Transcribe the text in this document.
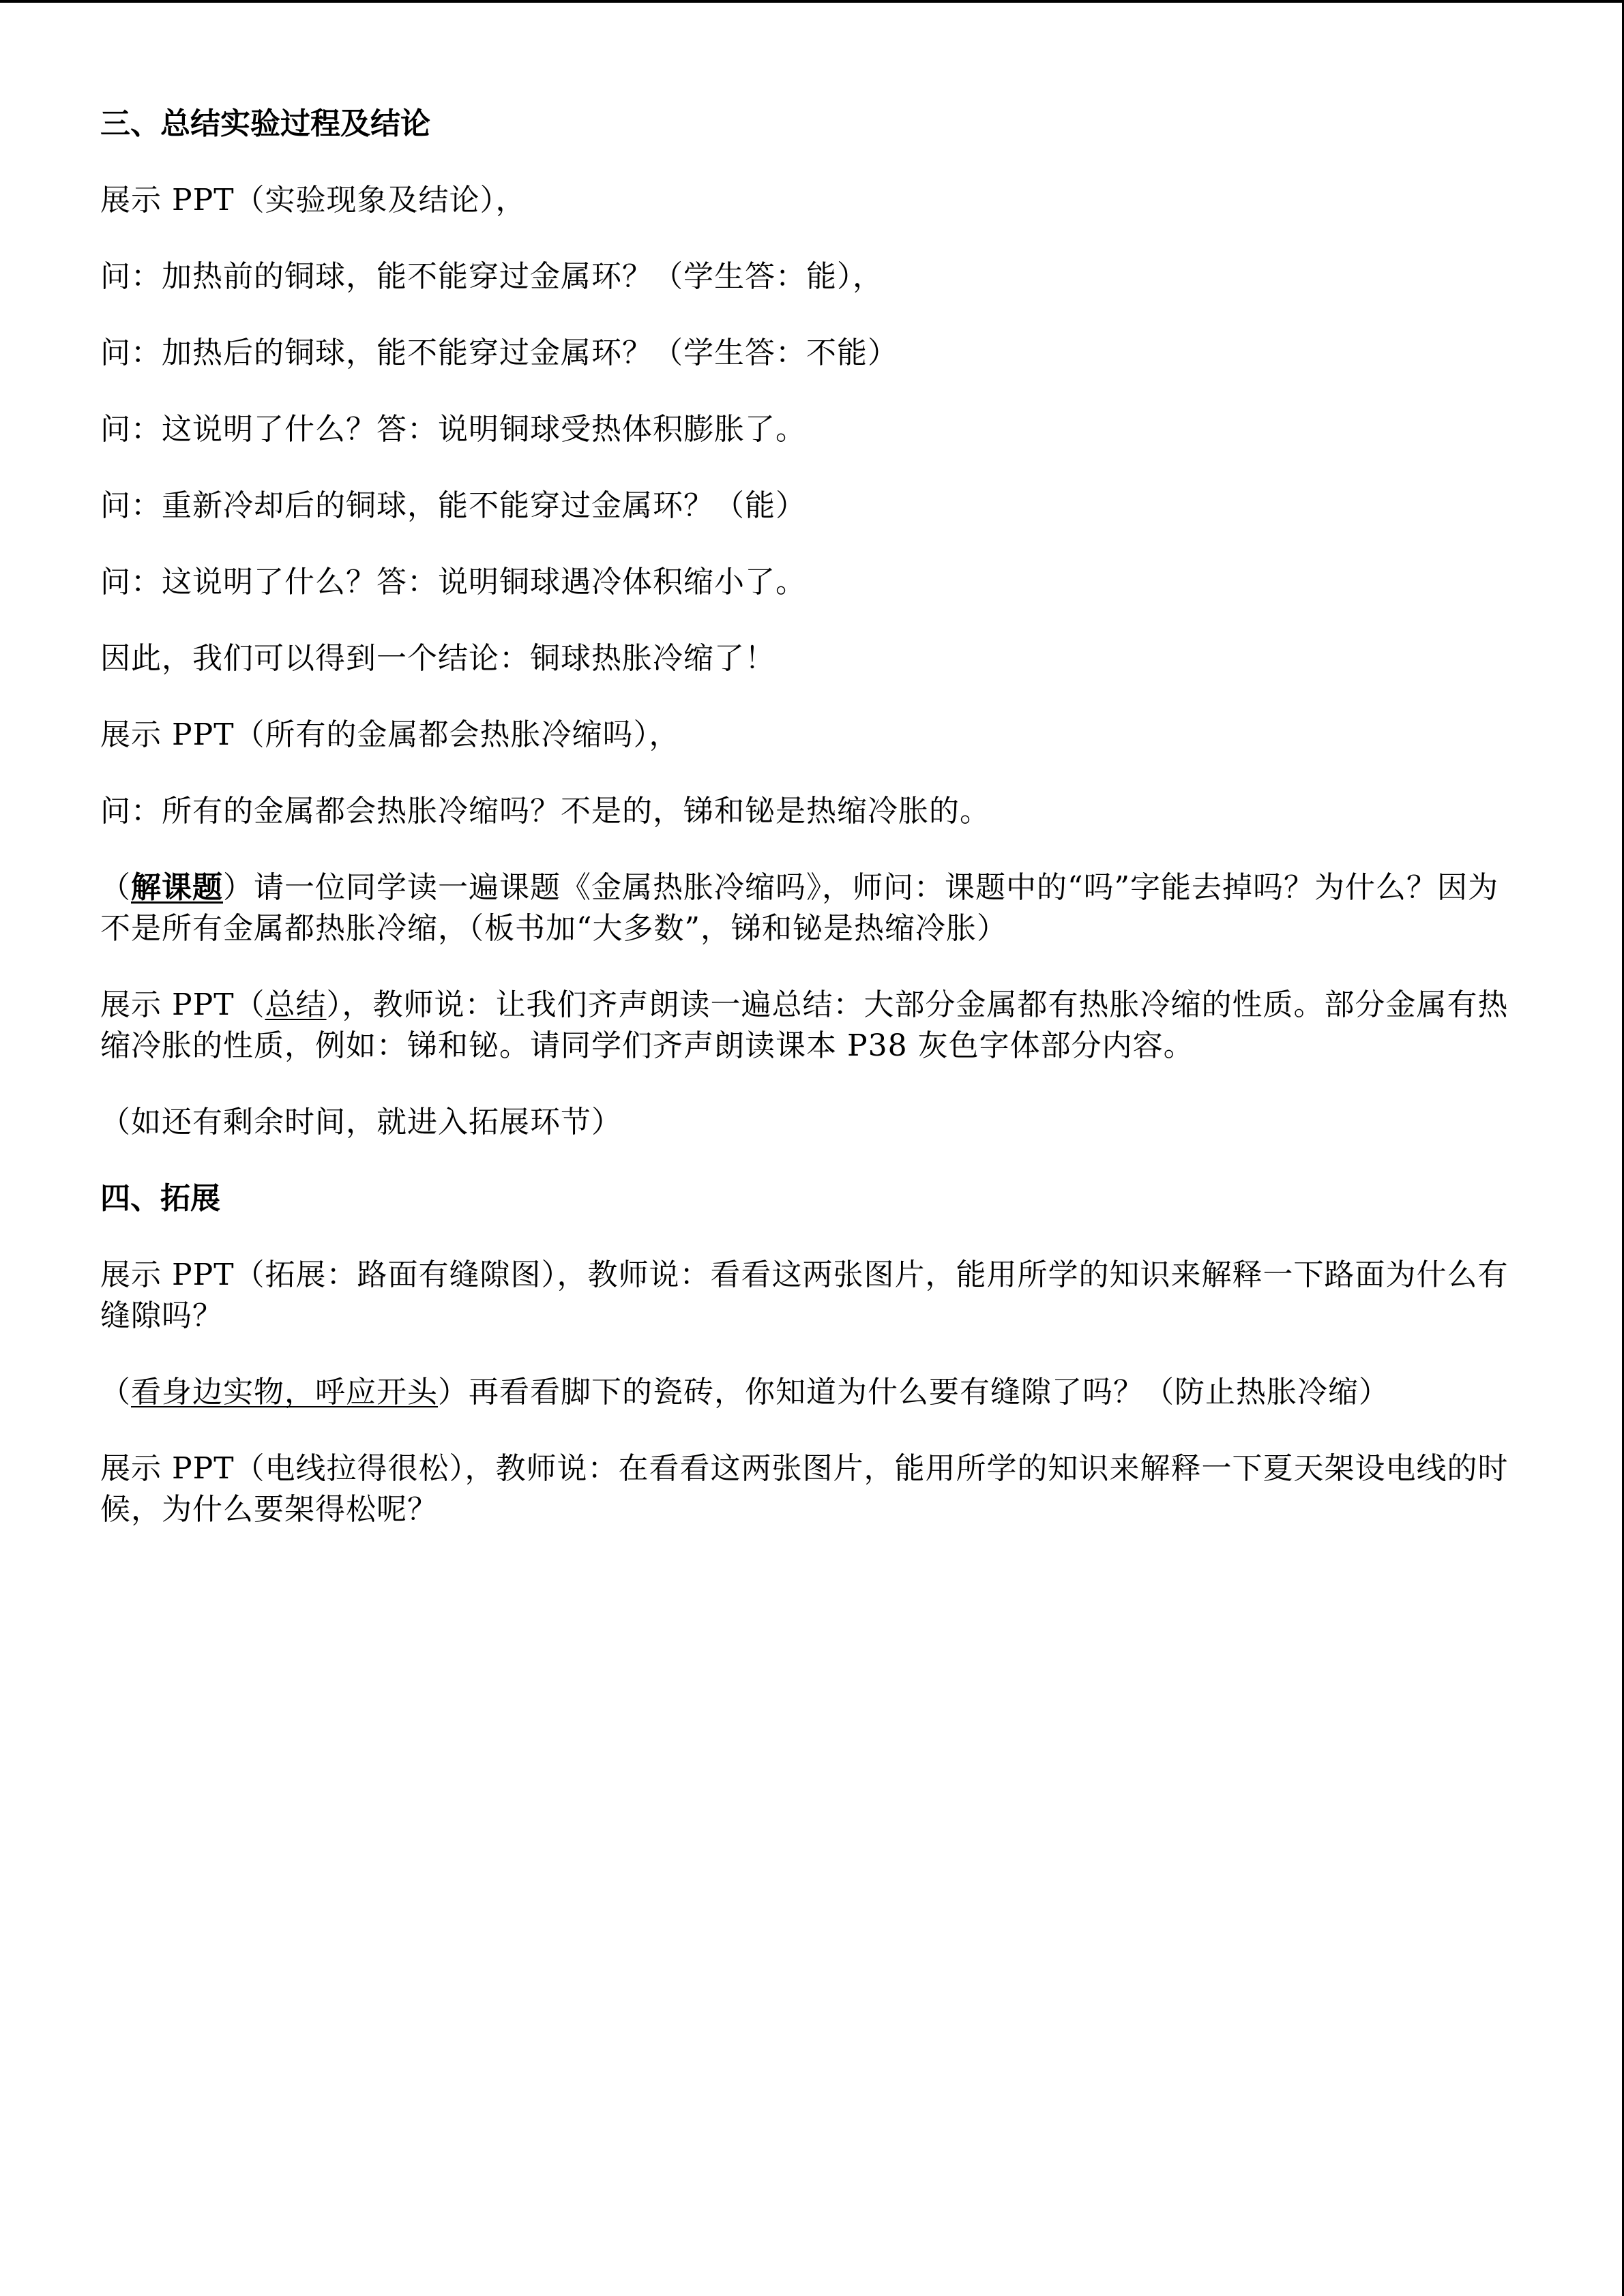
三、总结实验过程及结论

展示 PPT（实验现象及结论），

问：加热前的铜球，能不能穿过金属环？（学生答：能），

问：加热后的铜球，能不能穿过金属环？（学生答：不能）

问：这说明了什么？答：说明铜球受热体积膨胀了。

问：重新冷却后的铜球，能不能穿过金属环？（能）

问：这说明了什么？答：说明铜球遇冷体积缩小了。

因此，我们可以得到一个结论：铜球热胀冷缩了！

展示 PPT（所有的金属都会热胀冷缩吗），

问：所有的金属都会热胀冷缩吗？不是的，锑和铋是热缩冷胀的。

（解课题）请一位同学读一遍课题《金属热胀冷缩吗》，师问：课题中的“吗”字能去掉吗？为什么？因为不是所有金属都热胀冷缩，（板书加“大多数”，锑和铋是热缩冷胀）

展示 PPT（总结），教师说：让我们齐声朗读一遍总结：大部分金属都有热胀冷缩的性质。部分金属有热缩冷胀的性质，例如：锑和铋。请同学们齐声朗读课本 P38 灰色字体部分内容。

（如还有剩余时间，就进入拓展环节）

四、拓展

展示 PPT（拓展：路面有缝隙图），教师说：看看这两张图片，能用所学的知识来解释一下路面为什么有缝隙吗？

（看身边实物，呼应开头）再看看脚下的瓷砖，你知道为什么要有缝隙了吗？（防止热胀冷缩）

展示 PPT（电线拉得很松），教师说：在看看这两张图片，能用所学的知识来解释一下夏天架设电线的时候，为什么要架得松呢？
